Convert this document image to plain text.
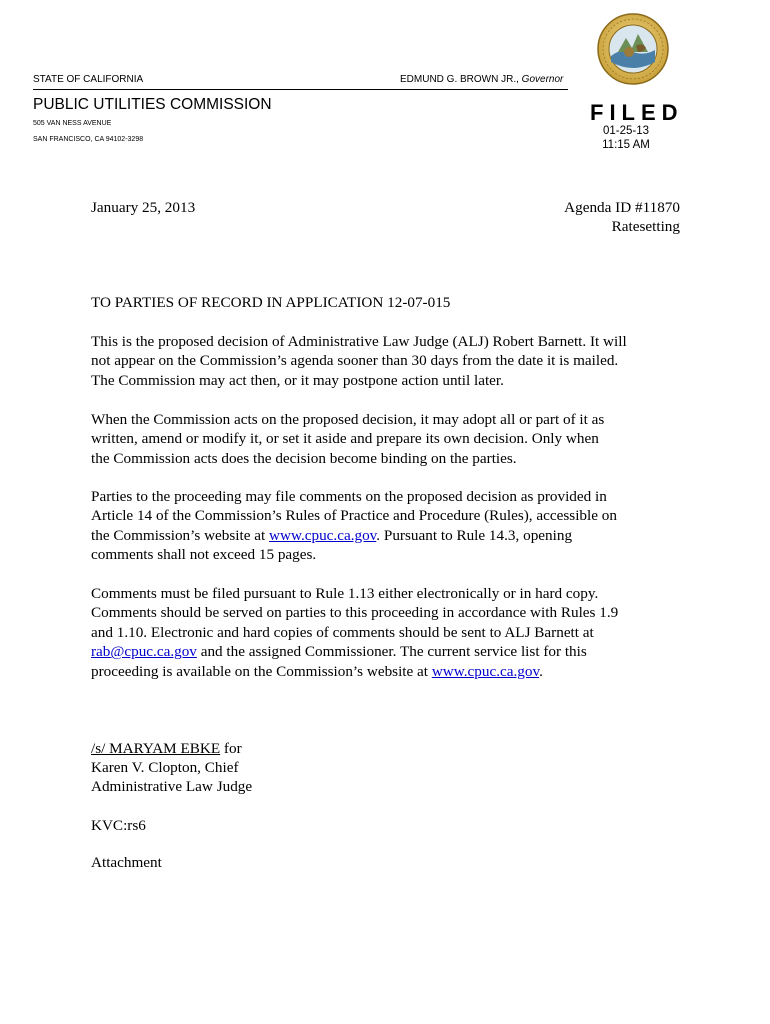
STATE OF CALIFORNIA	EDMUND G. BROWN JR., Governor
PUBLIC UTILITIES COMMISSION
505 VAN NESS AVENUE
SAN FRANCISCO, CA 94102-3298
FILED
01-25-13
11:15 AM
January 25, 2013	Agenda ID #11870
Ratesetting
TO PARTIES OF RECORD IN APPLICATION 12-07-015

This is the proposed decision of Administrative Law Judge (ALJ) Robert Barnett. It will
not appear on the Commission’s agenda sooner than 30 days from the date it is mailed.
The Commission may act then, or it may postpone action until later.

When the Commission acts on the proposed decision, it may adopt all or part of it as
written, amend or modify it, or set it aside and prepare its own decision. Only when
the Commission acts does the decision become binding on the parties.

Parties to the proceeding may file comments on the proposed decision as provided in
Article 14 of the Commission’s Rules of Practice and Procedure (Rules), accessible on
the Commission’s website at www.cpuc.ca.gov. Pursuant to Rule 14.3, opening
comments shall not exceed 15 pages.

Comments must be filed pursuant to Rule 1.13 either electronically or in hard copy.
Comments should be served on parties to this proceeding in accordance with Rules 1.9
and 1.10. Electronic and hard copies of comments should be sent to ALJ Barnett at
rab@cpuc.ca.gov and the assigned Commissioner. The current service list for this
proceeding is available on the Commission’s website at www.cpuc.ca.gov.

/s/ MARYAM EBKE for
Karen V. Clopton, Chief
Administrative Law Judge
KVC:rs6
Attachment
